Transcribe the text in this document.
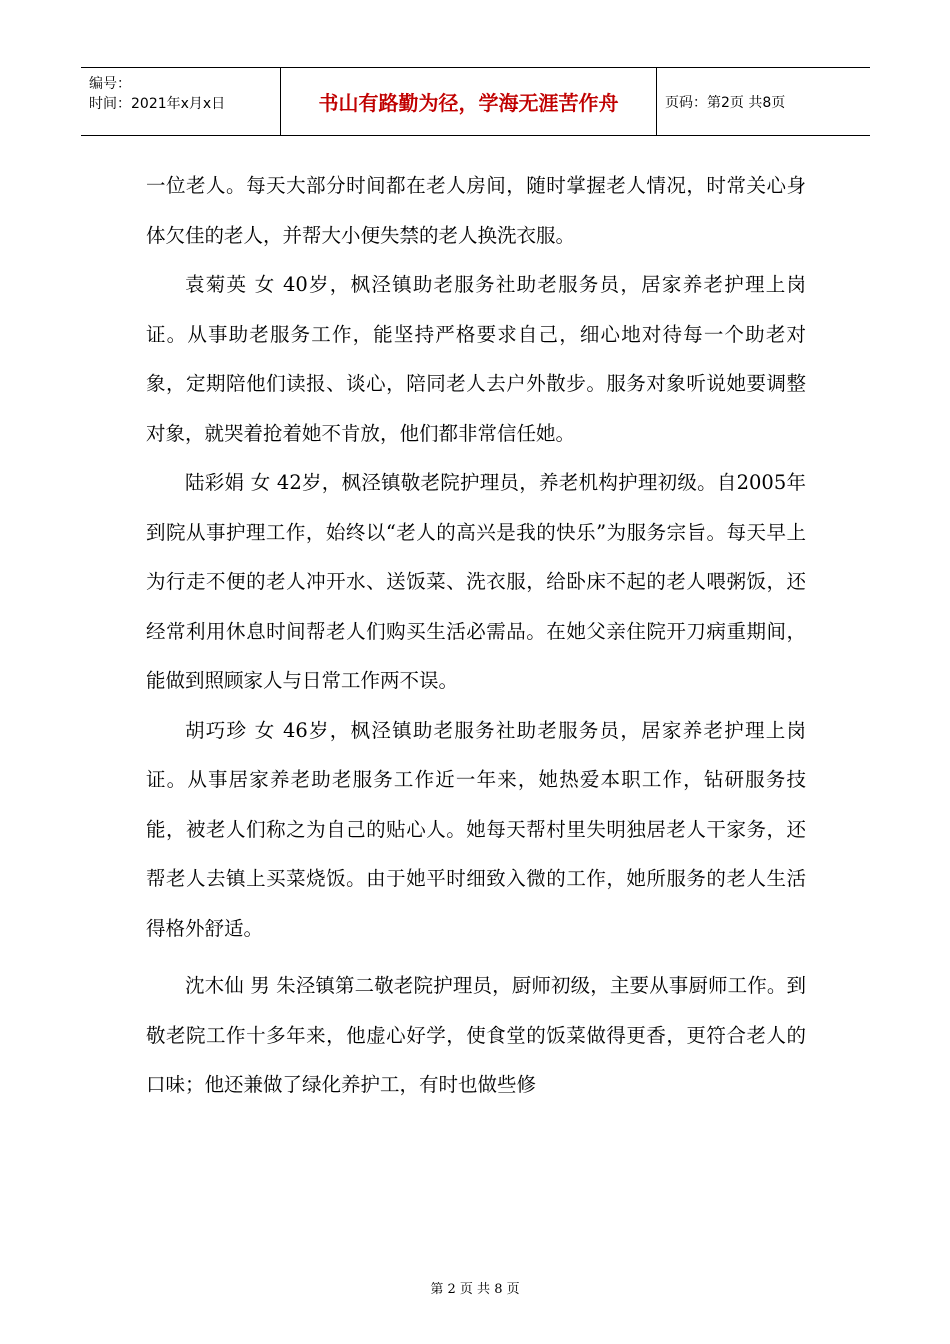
编号：
时间：2021年x月x日	书山有路勤为径，学海无涯苦作舟	页码：第2页 共8页

一位老人。每天大部分时间都在老人房间，随时掌握老人情况，时常关心身体欠佳的老人，并帮大小便失禁的老人换洗衣服。

袁菊英 女 40岁，枫泾镇助老服务社助老服务员，居家养老护理上岗证。从事助老服务工作，能坚持严格要求自己，细心地对待每一个助老对象，定期陪他们读报、谈心，陪同老人去户外散步。服务对象听说她要调整对象，就哭着抢着她不肯放，他们都非常信任她。

陆彩娟 女 42岁，枫泾镇敬老院护理员，养老机构护理初级。自2005年到院从事护理工作，始终以“老人的高兴是我的快乐”为服务宗旨。每天早上为行走不便的老人冲开水、送饭菜、洗衣服，给卧床不起的老人喂粥饭，还经常利用休息时间帮老人们购买生活必需品。在她父亲住院开刀病重期间，能做到照顾家人与日常工作两不误。

胡巧珍 女 46岁，枫泾镇助老服务社助老服务员，居家养老护理上岗证。从事居家养老助老服务工作近一年来，她热爱本职工作，钻研服务技能，被老人们称之为自己的贴心人。她每天帮村里失明独居老人干家务，还帮老人去镇上买菜烧饭。由于她平时细致入微的工作，她所服务的老人生活得格外舒适。

沈木仙 男 朱泾镇第二敬老院护理员，厨师初级，主要从事厨师工作。到敬老院工作十多年来，他虚心好学，使食堂的饭菜做得更香，更符合老人的口味；他还兼做了绿化养护工，有时也做些修

第 2 页 共 8 页
